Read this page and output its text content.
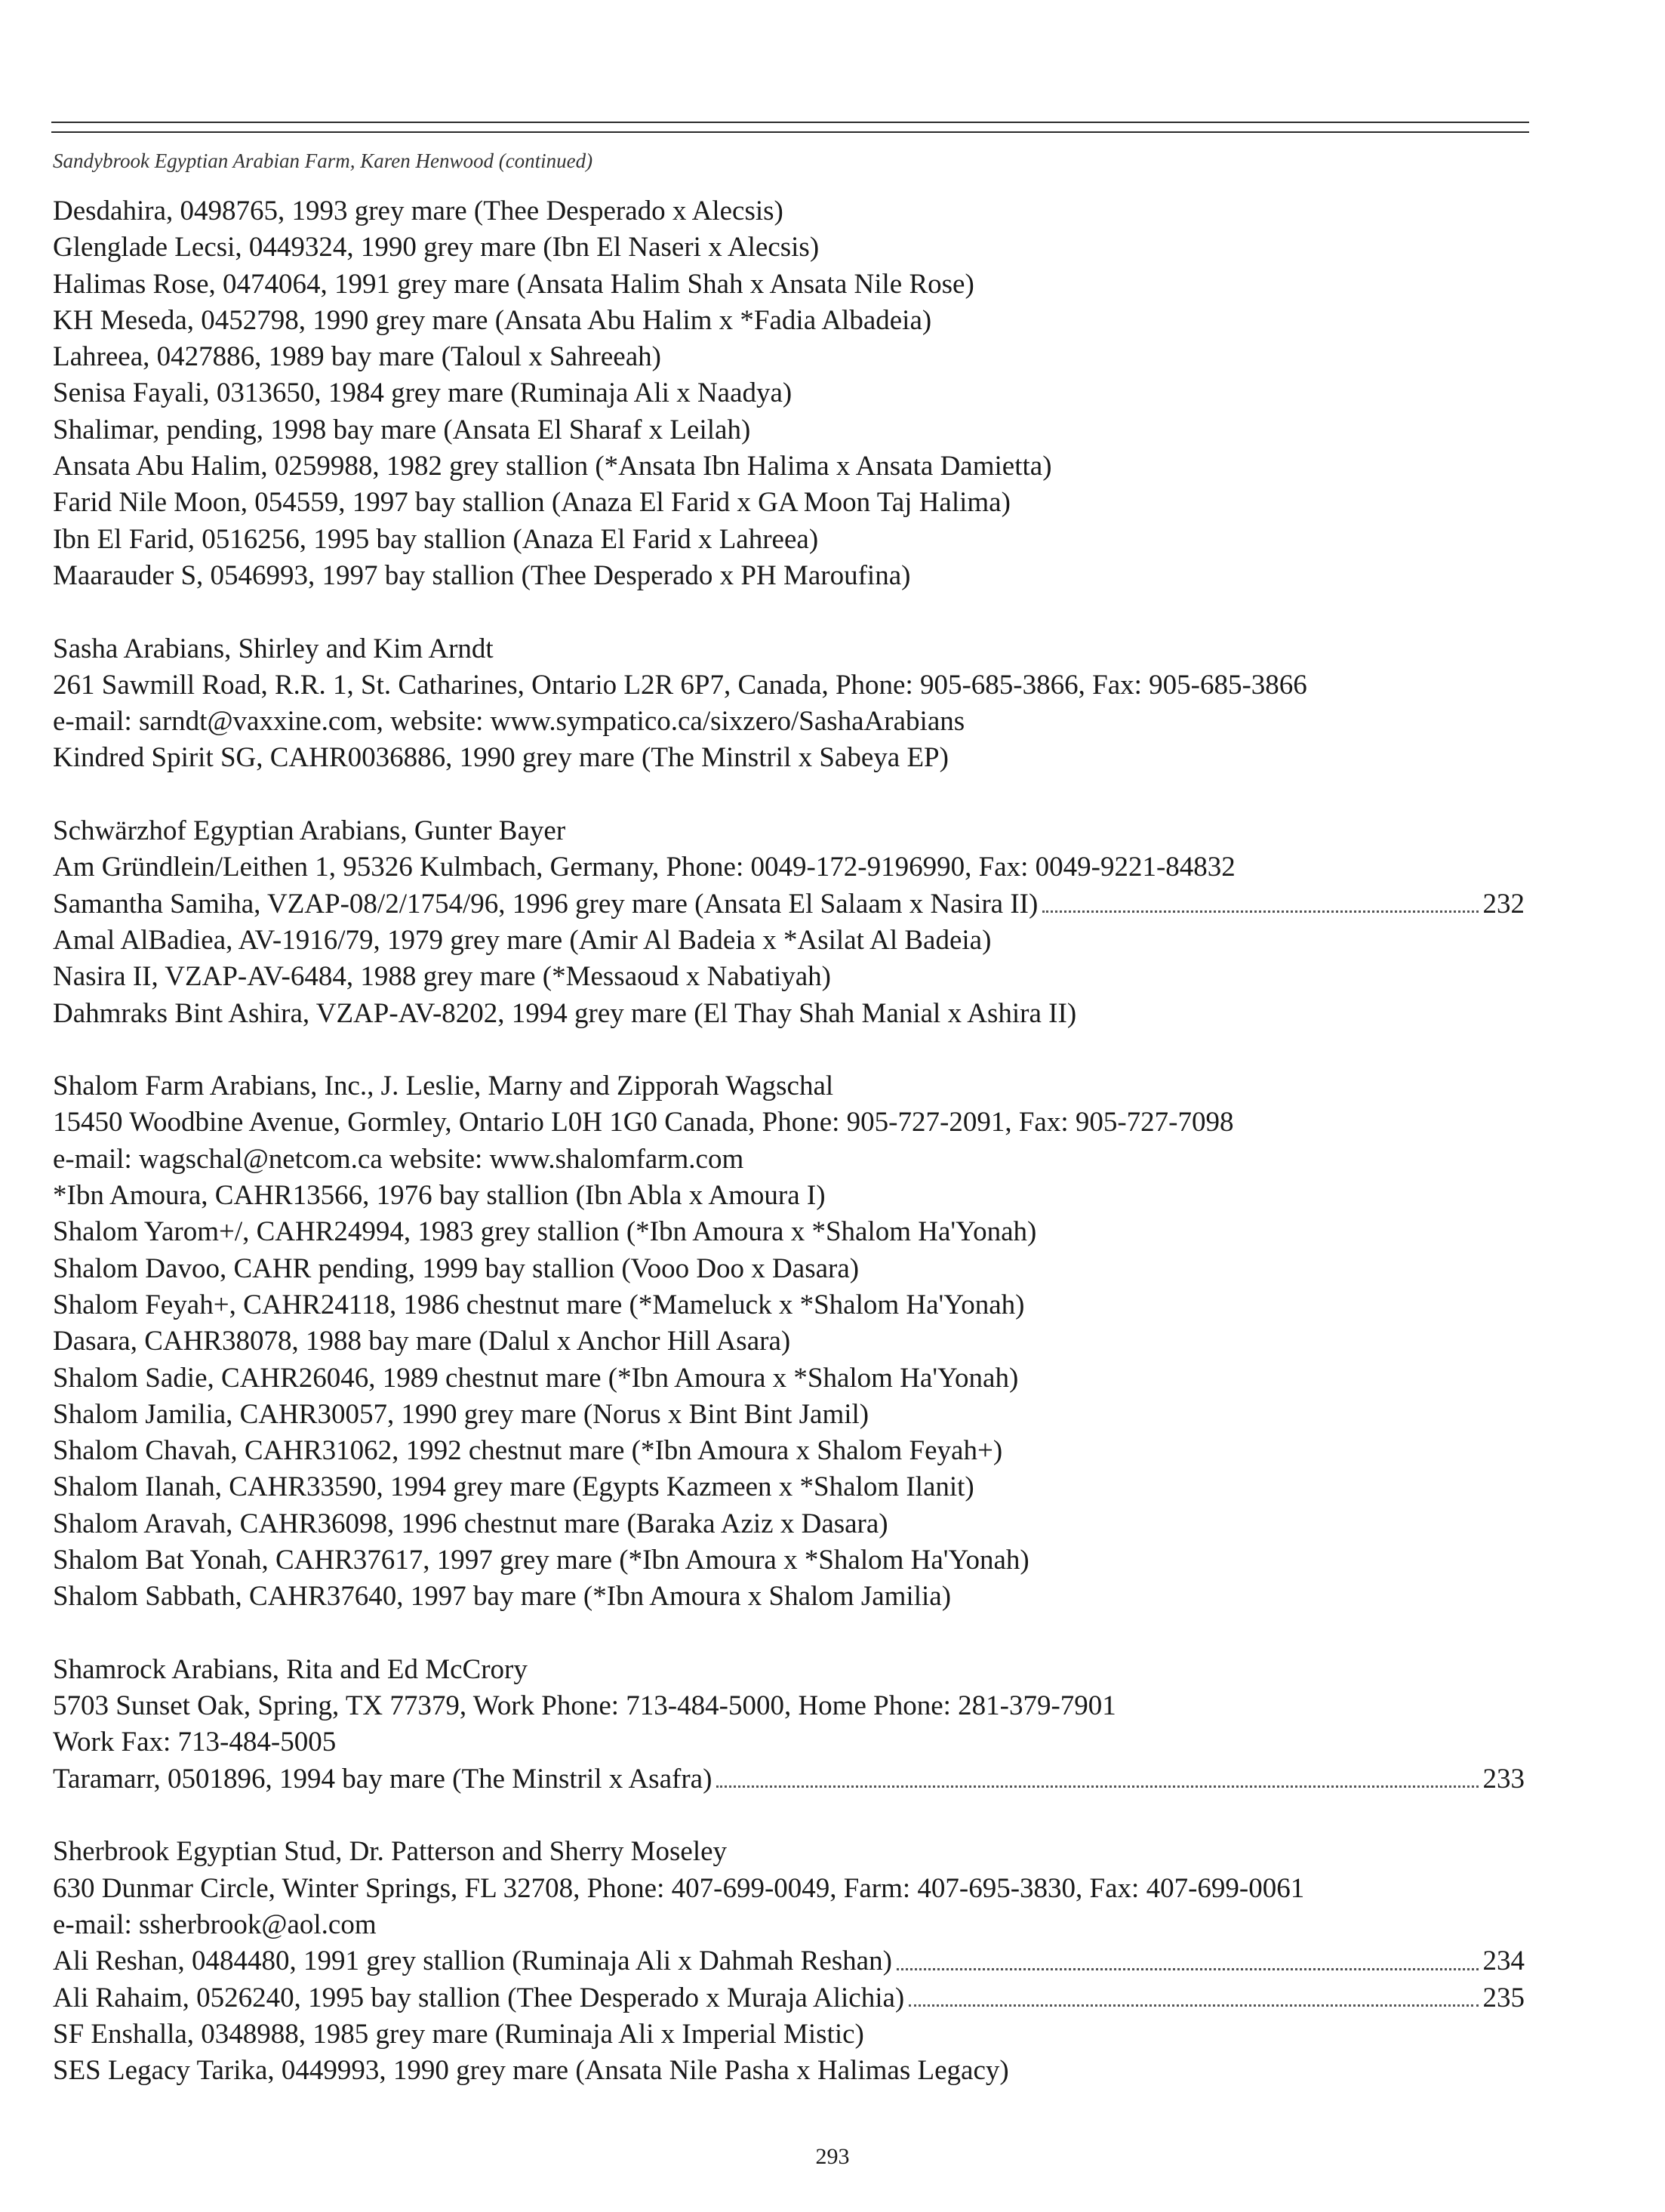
Sandybrook Egyptian Arabian Farm, Karen Henwood (continued)
Desdahira, 0498765, 1993 grey mare (Thee Desperado x Alecsis)
Glenglade Lecsi, 0449324, 1990 grey mare (Ibn El Naseri x Alecsis)
Halimas Rose, 0474064, 1991 grey mare (Ansata Halim Shah x Ansata Nile Rose)
KH Meseda, 0452798, 1990 grey mare (Ansata Abu Halim x *Fadia Albadeia)
Lahreea, 0427886, 1989 bay mare (Taloul x Sahreeah)
Senisa Fayali, 0313650, 1984 grey mare (Ruminaja Ali x Naadya)
Shalimar, pending, 1998 bay mare (Ansata El Sharaf x Leilah)
Ansata Abu Halim, 0259988, 1982 grey stallion (*Ansata Ibn Halima x Ansata Damietta)
Farid Nile Moon, 054559, 1997 bay stallion (Anaza El Farid x GA Moon Taj Halima)
Ibn El Farid, 0516256, 1995 bay stallion (Anaza El Farid x Lahreea)
Maarauder S, 0546993, 1997 bay stallion (Thee Desperado x PH Maroufina)
Sasha Arabians, Shirley and Kim Arndt
261 Sawmill Road, R.R. 1, St. Catharines, Ontario L2R 6P7, Canada, Phone: 905-685-3866, Fax: 905-685-3866
e-mail: sarndt@vaxxine.com, website: www.sympatico.ca/sixzero/SashaArabians
Kindred Spirit SG, CAHR0036886, 1990 grey mare (The Minstril x Sabeya EP)
Schwärzhof Egyptian Arabians, Gunter Bayer
Am Gründlein/Leithen 1, 95326 Kulmbach, Germany, Phone: 0049-172-9196990, Fax: 0049-9221-84832
Samantha Samiha, VZAP-08/2/1754/96, 1996 grey mare (Ansata El Salaam x Nasira II)	232
Amal AlBadiea, AV-1916/79, 1979 grey mare (Amir Al Badeia x *Asilat Al Badeia)
Nasira II, VZAP-AV-6484, 1988 grey mare (*Messaoud x Nabatiyah)
Dahmraks Bint Ashira, VZAP-AV-8202, 1994 grey mare (El Thay Shah Manial x Ashira II)
Shalom Farm Arabians, Inc., J. Leslie, Marny and Zipporah Wagschal
15450 Woodbine Avenue, Gormley, Ontario L0H 1G0 Canada, Phone: 905-727-2091, Fax: 905-727-7098
e-mail: wagschal@netcom.ca website: www.shalomfarm.com
*Ibn Amoura, CAHR13566, 1976 bay stallion (Ibn Abla x Amoura I)
Shalom Yarom+/, CAHR24994, 1983 grey stallion (*Ibn Amoura x *Shalom Ha'Yonah)
Shalom Davoo, CAHR pending, 1999 bay stallion (Vooo Doo x Dasara)
Shalom Feyah+, CAHR24118, 1986 chestnut mare (*Mameluck x *Shalom Ha'Yonah)
Dasara, CAHR38078, 1988 bay mare (Dalul x Anchor Hill Asara)
Shalom Sadie, CAHR26046, 1989 chestnut mare (*Ibn Amoura x *Shalom Ha'Yonah)
Shalom Jamilia, CAHR30057, 1990 grey mare (Norus x Bint Bint Jamil)
Shalom Chavah, CAHR31062, 1992 chestnut mare (*Ibn Amoura x Shalom Feyah+)
Shalom Ilanah, CAHR33590, 1994 grey mare (Egypts Kazmeen x *Shalom Ilanit)
Shalom Aravah, CAHR36098, 1996 chestnut mare (Baraka Aziz x Dasara)
Shalom Bat Yonah, CAHR37617, 1997 grey mare (*Ibn Amoura x *Shalom Ha'Yonah)
Shalom Sabbath, CAHR37640, 1997 bay mare (*Ibn Amoura x Shalom Jamilia)
Shamrock Arabians, Rita and Ed McCrory
5703 Sunset Oak, Spring, TX 77379, Work Phone: 713-484-5000, Home Phone: 281-379-7901
Work Fax: 713-484-5005
Taramarr, 0501896, 1994 bay mare (The Minstril x Asafra)	233
Sherbrook Egyptian Stud, Dr. Patterson and Sherry Moseley
630 Dunmar Circle, Winter Springs, FL 32708, Phone: 407-699-0049, Farm: 407-695-3830, Fax: 407-699-0061
e-mail: ssherbrook@aol.com
Ali Reshan, 0484480, 1991 grey stallion (Ruminaja Ali x Dahmah Reshan)	234
Ali Rahaim, 0526240, 1995 bay stallion (Thee Desperado x Muraja Alichia)	235
SF Enshalla, 0348988, 1985 grey mare (Ruminaja Ali x Imperial Mistic)
SES Legacy Tarika, 0449993, 1990 grey mare (Ansata Nile Pasha x Halimas Legacy)
293
